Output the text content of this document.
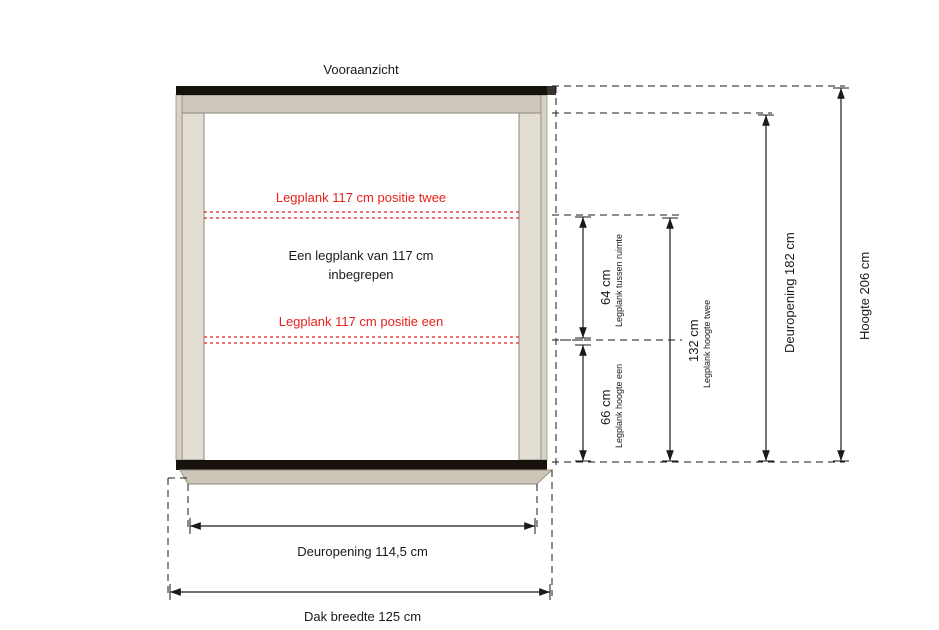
Vooraanzicht
Legplank 117 cm positie twee
Een legplank van 117 cm
inbegrepen
Legplank 117 cm positie een
64 cm Legplank tussen ruimte
66 cm Legplank hoogte een
132 cm Legplank hoogte twee	Deuropening 182 cm	Hoogte 206 cm
Deuropening 114,5 cm
Dak breedte 125 cm
